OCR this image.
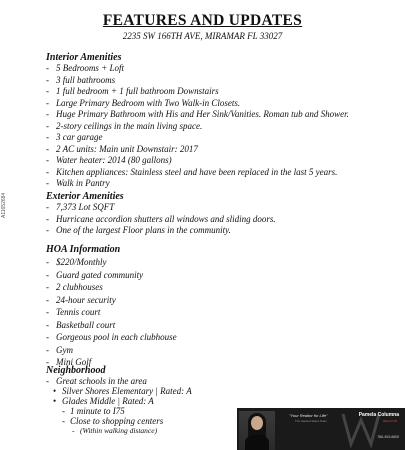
FEATURES AND UPDATES
2235 SW 166TH AVE, MIRAMAR FL 33027
Interior Amenities
- 5 Bedrooms + Loft
- 3 full bathrooms
- 1 full bedroom + 1 full bathroom Downstairs
- Large Primary Bedroom with Two Walk-in Closets.
- Huge Primary Bathroom with His and Her Sink/Vanities. Roman tub and Shower.
- 2-story ceilings in the main living space.
- 3 car garage
- 2 AC units: Main unit Downstair: 2017
- Water heater: 2014 (80 gallons)
- Kitchen appliances: Stainless steel and have been replaced in the last 5 years.
- Walk in Pantry
Exterior Amenities
- 7,373 Lot SQFT
- Hurricane accordion shutters all windows and sliding doors.
- One of the largest Floor plans in the community.
HOA Information
- $220/Monthly
- Guard gated community
- 2 clubhouses
- 24-hour security
- Tennis court
- Basketball court
- Gorgeous pool in each clubhouse
- Gym
- Mini Golf
Neighborhood
- Great schools in the area
• Silver Shores Elementary | Rated: A
• Glades Middle | Rated: A
- 1 minute to I75
- Close to shopping centers
- (Within walking distance)
A11652684
"Your Realtor for Life"
The Joanna Nelson Team
Pamela Columna
REALTOR
786-403-6609
